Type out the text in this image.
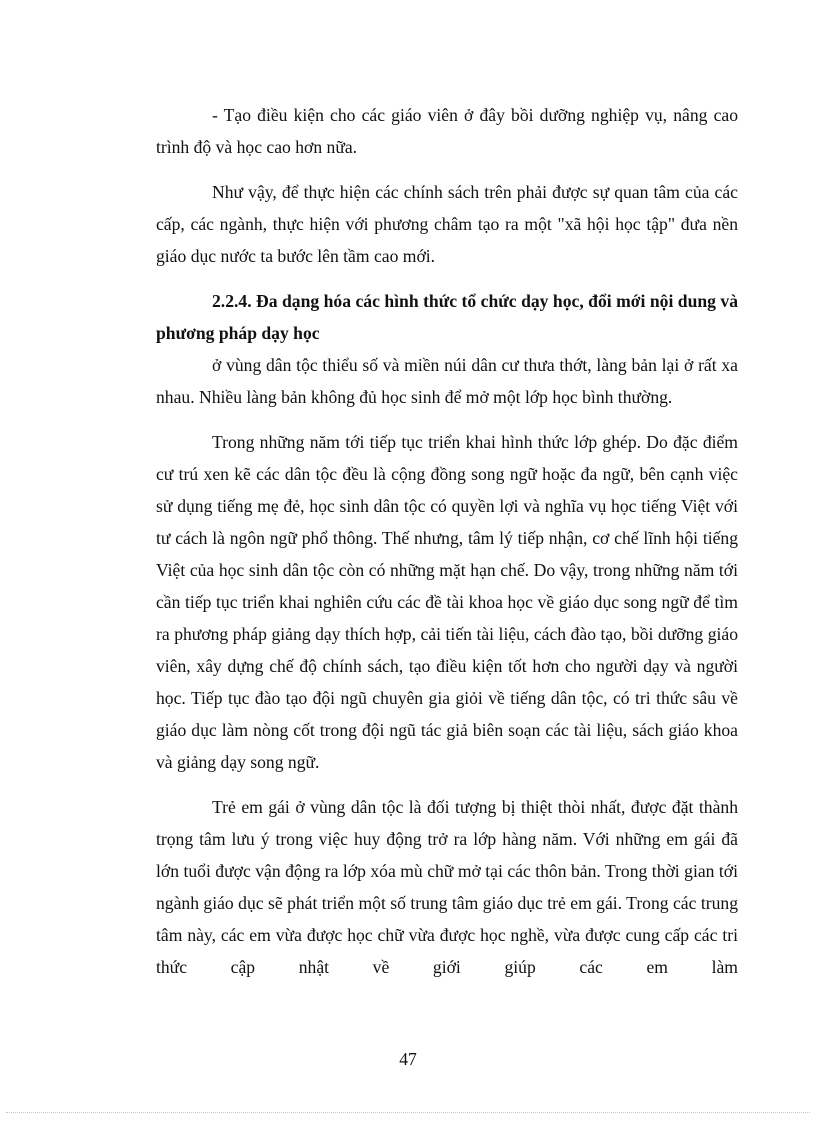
- Tạo điều kiện cho các giáo viên ở đây bồi dưỡng nghiệp vụ, nâng cao trình độ và học cao hơn nữa.

Như vậy, để thực hiện các chính sách trên phải được sự quan tâm của các cấp, các ngành, thực hiện với phương châm tạo ra một "xã hội học tập" đưa nền giáo dục nước ta bước lên tầm cao mới.

2.2.4. Đa dạng hóa các hình thức tổ chức dạy học, đổi mới nội dung và phương pháp dạy học

ở vùng dân tộc thiểu số và miền núi dân cư thưa thớt, làng bản lại ở rất xa nhau. Nhiều làng bản không đủ học sinh để mở một lớp học bình thường.

Trong những năm tới tiếp tục triển khai hình thức lớp ghép. Do đặc điểm cư trú xen kẽ các dân tộc đều là cộng đồng song ngữ hoặc đa ngữ, bên cạnh việc sử dụng tiếng mẹ đẻ, học sinh dân tộc có quyền lợi và nghĩa vụ học tiếng Việt với tư cách là ngôn ngữ phổ thông. Thế nhưng, tâm lý tiếp nhận, cơ chế lĩnh hội tiếng Việt của học sinh dân tộc còn có những mặt hạn chế. Do vậy, trong những năm tới cần tiếp tục triển khai nghiên cứu các đề tài khoa học về giáo dục song ngữ để tìm ra phương pháp giảng dạy thích hợp, cải tiến tài liệu, cách đào tạo, bồi dưỡng giáo viên, xây dựng chế độ chính sách, tạo điều kiện tốt hơn cho người dạy và người học. Tiếp tục đào tạo đội ngũ chuyên gia giỏi về tiếng dân tộc, có tri thức sâu về giáo dục làm nòng cốt trong đội ngũ tác giả biên soạn các tài liệu, sách giáo khoa và giảng dạy song ngữ.

Trẻ em gái ở vùng dân tộc là đối tượng bị thiệt thòi nhất, được đặt thành trọng tâm lưu ý trong việc huy động trở ra lớp hàng năm. Với những em gái đã lớn tuổi được vận động ra lớp xóa mù chữ mở tại các thôn bản. Trong thời gian tới ngành giáo dục sẽ phát triển một số trung tâm giáo dục trẻ em gái. Trong các trung tâm này, các em vừa được học chữ vừa được học nghề, vừa được cung cấp các tri thức cập nhật về giới giúp các em làm

47
